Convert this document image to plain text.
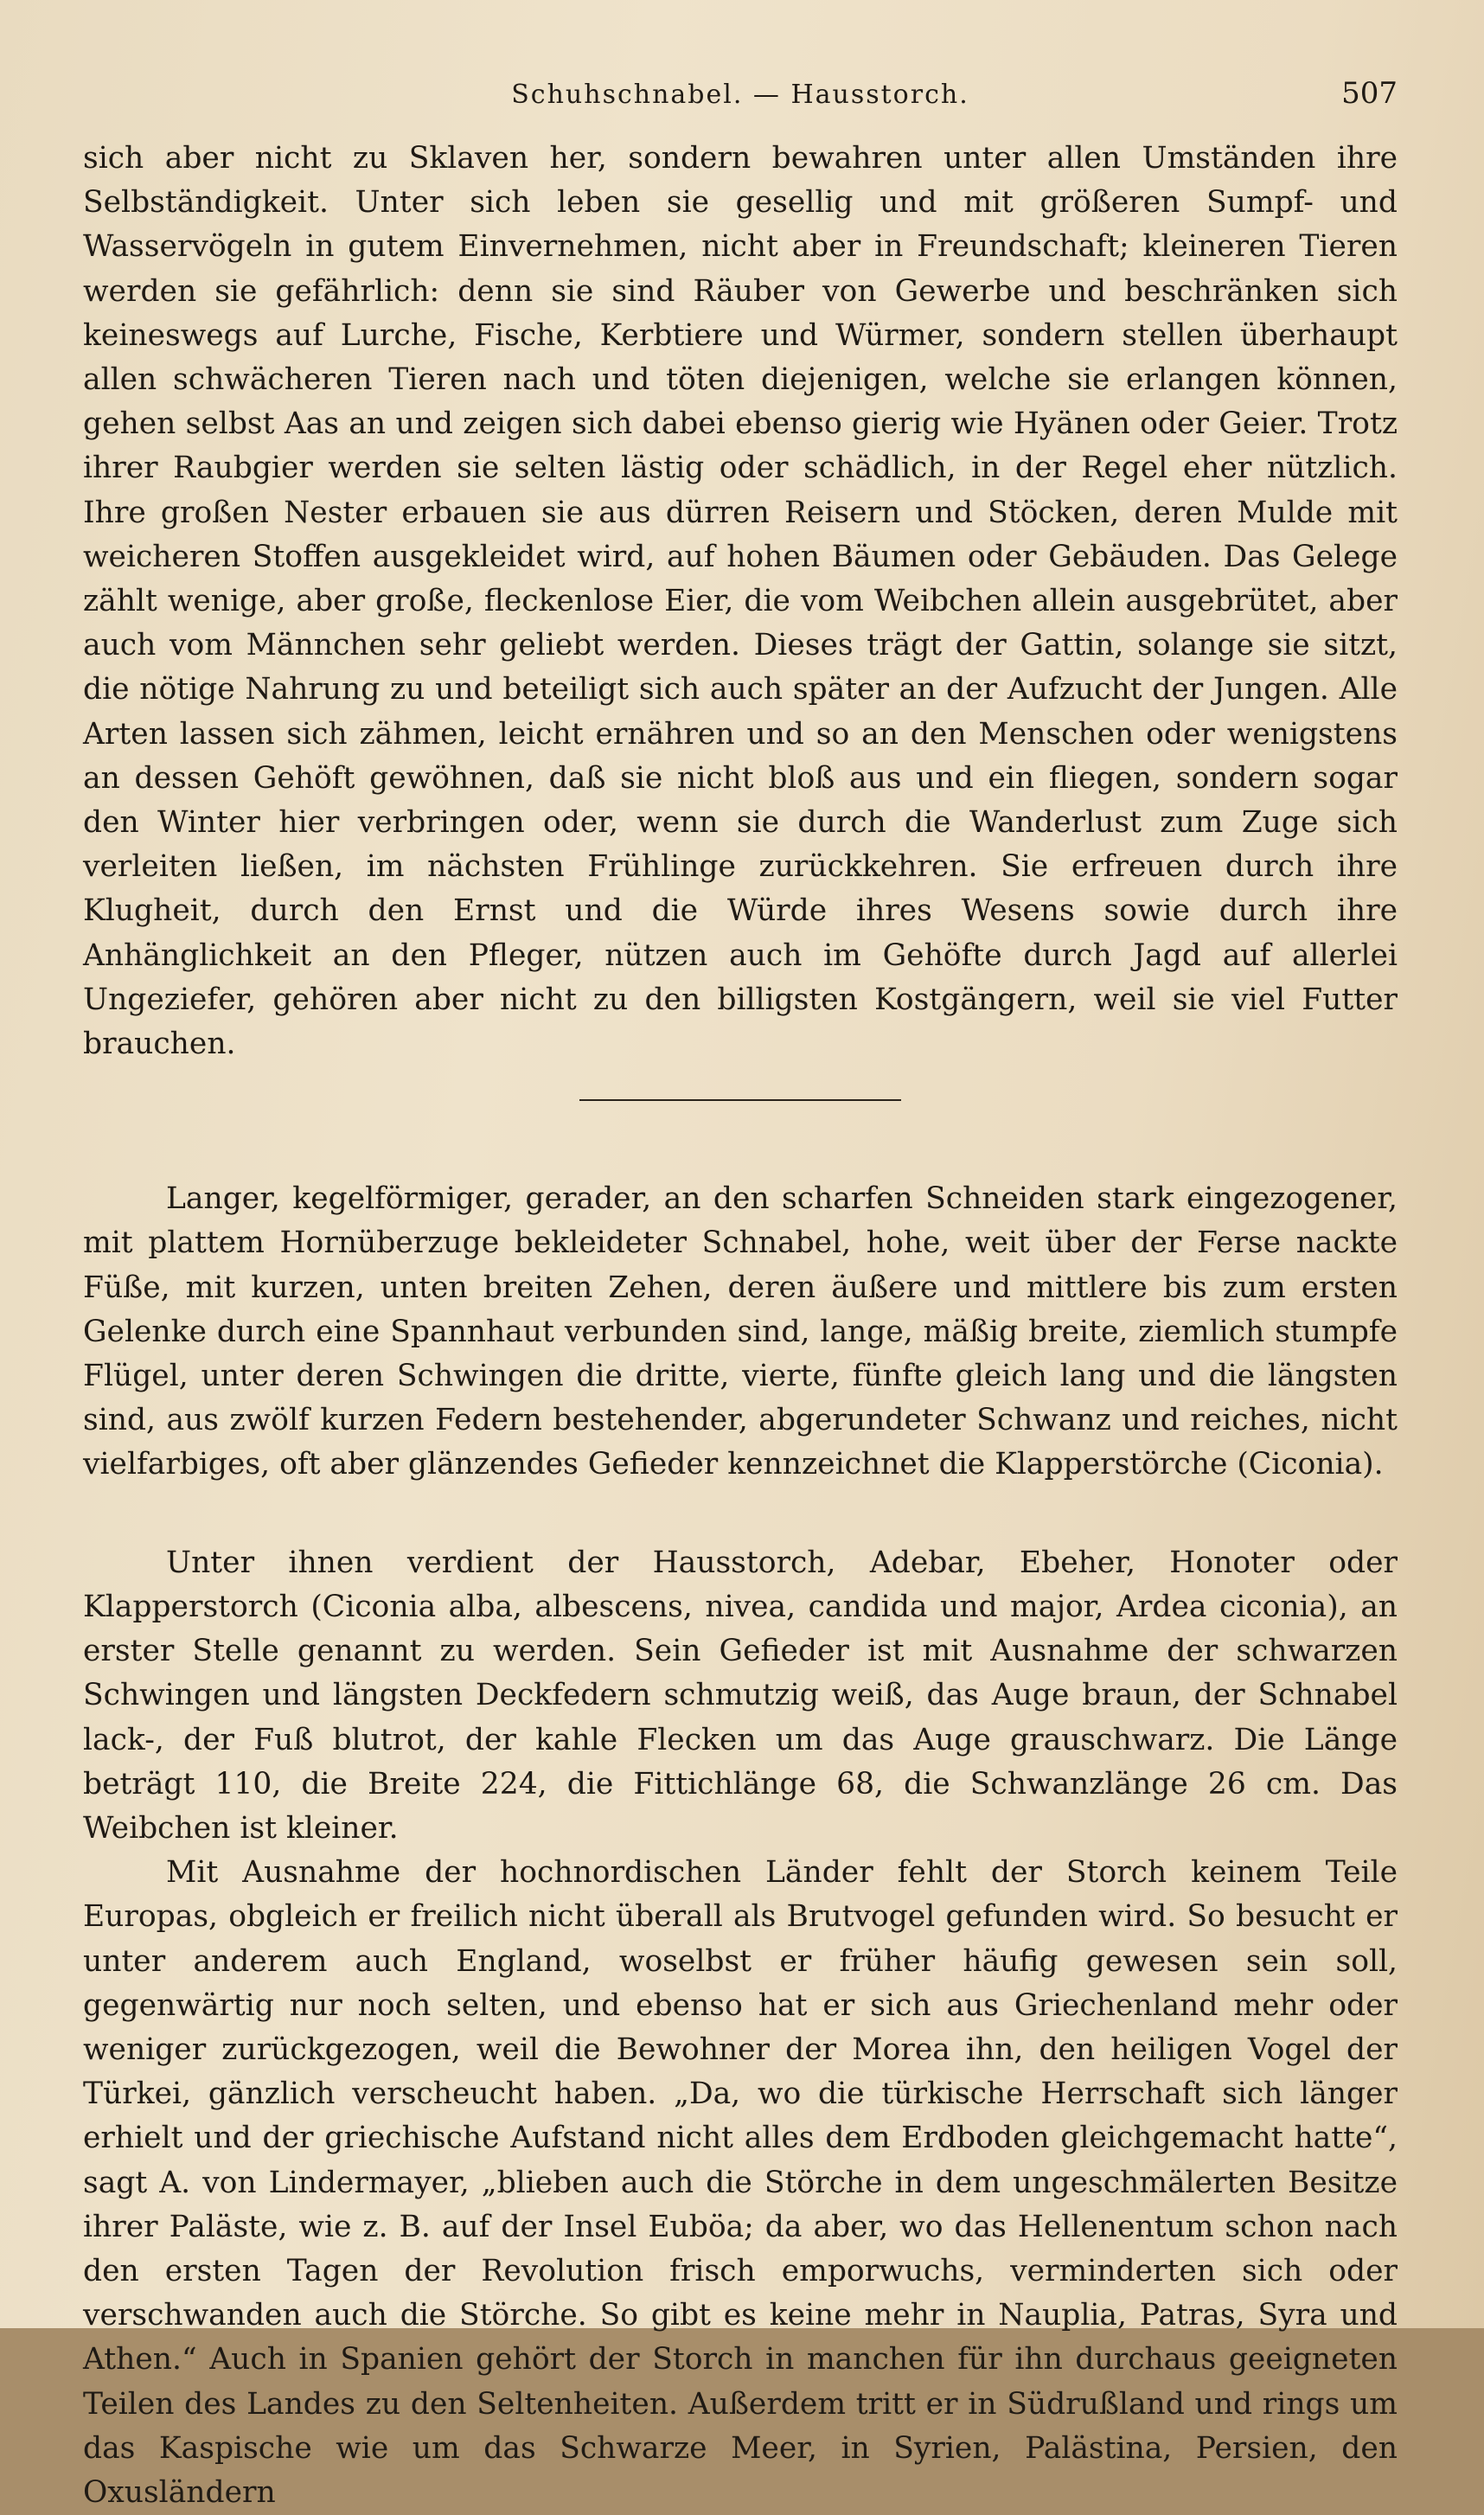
Schuhschnabel. — Hausstorch.	507

sich aber nicht zu Sklaven her, sondern bewahren unter allen Umständen ihre Selbständigkeit. Unter sich leben sie gesellig und mit größeren Sumpf- und Wasservögeln in gutem Einvernehmen, nicht aber in Freundschaft; kleineren Tieren werden sie gefährlich: denn sie sind Räuber von Gewerbe und beschränken sich keineswegs auf Lurche, Fische, Kerbtiere und Würmer, sondern stellen überhaupt allen schwächeren Tieren nach und töten diejenigen, welche sie erlangen können, gehen selbst Aas an und zeigen sich dabei ebenso gierig wie Hyänen oder Geier. Trotz ihrer Raubgier werden sie selten lästig oder schädlich, in der Regel eher nützlich. Ihre großen Nester erbauen sie aus dürren Reisern und Stöcken, deren Mulde mit weicheren Stoffen ausgekleidet wird, auf hohen Bäumen oder Gebäuden. Das Gelege zählt wenige, aber große, fleckenlose Eier, die vom Weibchen allein ausgebrütet, aber auch vom Männchen sehr geliebt werden. Dieses trägt der Gattin, solange sie sitzt, die nötige Nahrung zu und beteiligt sich auch später an der Aufzucht der Jungen. Alle Arten lassen sich zähmen, leicht ernähren und so an den Menschen oder wenigstens an dessen Gehöft gewöhnen, daß sie nicht bloß aus und ein fliegen, sondern sogar den Winter hier verbringen oder, wenn sie durch die Wanderlust zum Zuge sich verleiten ließen, im nächsten Frühlinge zurückkehren. Sie erfreuen durch ihre Klugheit, durch den Ernst und die Würde ihres Wesens sowie durch ihre Anhänglichkeit an den Pfleger, nützen auch im Gehöfte durch Jagd auf allerlei Ungeziefer, gehören aber nicht zu den billigsten Kostgängern, weil sie viel Futter brauchen.

Langer, kegelförmiger, gerader, an den scharfen Schneiden stark eingezogener, mit plattem Hornüberzuge bekleideter Schnabel, hohe, weit über der Ferse nackte Füße, mit kurzen, unten breiten Zehen, deren äußere und mittlere bis zum ersten Gelenke durch eine Spannhaut verbunden sind, lange, mäßig breite, ziemlich stumpfe Flügel, unter deren Schwingen die dritte, vierte, fünfte gleich lang und die längsten sind, aus zwölf kurzen Federn bestehender, abgerundeter Schwanz und reiches, nicht vielfarbiges, oft aber glänzendes Gefieder kennzeichnet die Klapperstörche (Ciconia).

Unter ihnen verdient der Hausstorch, Adebar, Ebeher, Honoter oder Klapperstorch (Ciconia alba, albescens, nivea, candida und major, Ardea ciconia), an erster Stelle genannt zu werden. Sein Gefieder ist mit Ausnahme der schwarzen Schwingen und längsten Deckfedern schmutzig weiß, das Auge braun, der Schnabel lack-, der Fuß blutrot, der kahle Flecken um das Auge grauschwarz. Die Länge beträgt 110, die Breite 224, die Fittichlänge 68, die Schwanzlänge 26 cm. Das Weibchen ist kleiner.

Mit Ausnahme der hochnordischen Länder fehlt der Storch keinem Teile Europas, obgleich er freilich nicht überall als Brutvogel gefunden wird. So besucht er unter anderem auch England, woselbst er früher häufig gewesen sein soll, gegenwärtig nur noch selten, und ebenso hat er sich aus Griechenland mehr oder weniger zurückgezogen, weil die Bewohner der Morea ihn, den heiligen Vogel der Türkei, gänzlich verscheucht haben. „Da, wo die türkische Herrschaft sich länger erhielt und der griechische Aufstand nicht alles dem Erdboden gleichgemacht hatte“, sagt A. von Lindermayer, „blieben auch die Störche in dem ungeschmälerten Besitze ihrer Paläste, wie z. B. auf der Insel Euböa; da aber, wo das Hellenentum schon nach den ersten Tagen der Revolution frisch emporwuchs, verminderten sich oder verschwanden auch die Störche. So gibt es keine mehr in Nauplia, Patras, Syra und Athen.“ Auch in Spanien gehört der Storch in manchen für ihn durchaus geeigneten Teilen des Landes zu den Seltenheiten. Außerdem tritt er in Südrußland und rings um das Kaspische wie um das Schwarze Meer, in Syrien, Palästina, Persien, den Oxusländern
